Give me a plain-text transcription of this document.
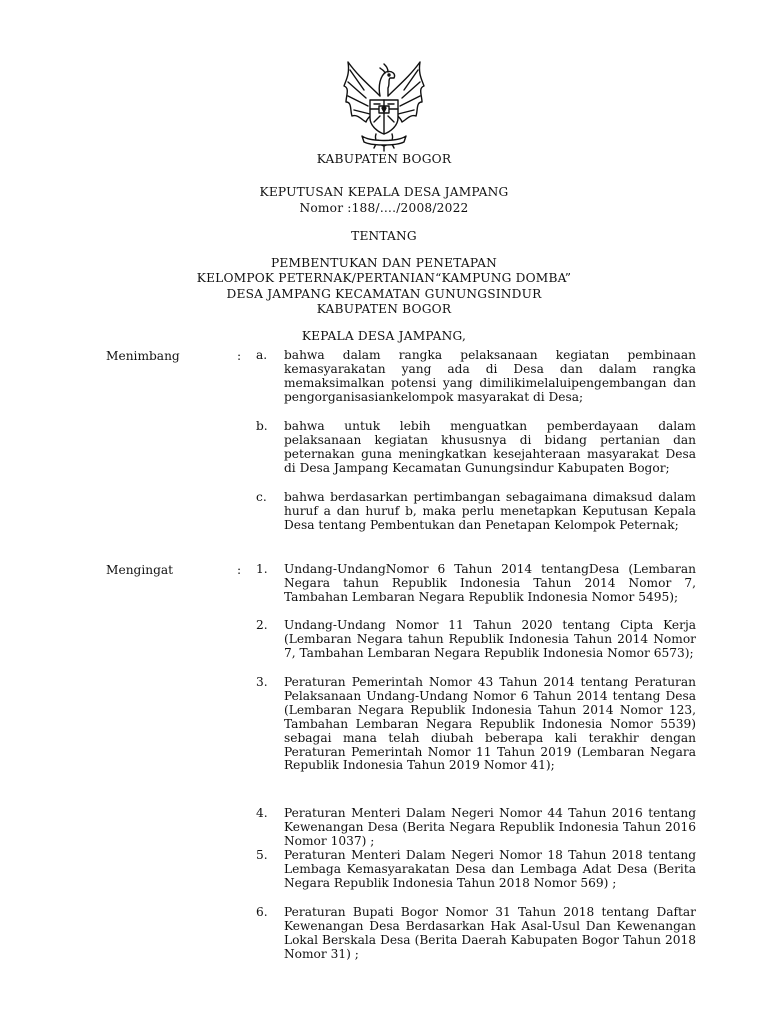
KABUPATEN BOGOR
KEPUTUSAN KEPALA DESA JAMPANG
Nomor :188/…./2008/2022
TENTANG
PEMBENTUKAN DAN PENETAPAN
KELOMPOK PETERNAK/PERTANIAN“KAMPUNG DOMBA”
DESA JAMPANG KECAMATAN GUNUNGSINDUR
KABUPATEN BOGOR
KEPALA DESA JAMPANG,
Menimbang	: a. bahwa dalam rangka pelaksanaan kegiatan pembinaan kemasyarakatan yang ada di Desa dan dalam rangka memaksimalkan potensi yang dimilikimelaluipengembangan dan pengorganisasiankelompok masyarakat di Desa;
b. bahwa untuk lebih menguatkan pemberdayaan dalam pelaksanaan kegiatan khususnya di bidang pertanian dan peternakan guna meningkatkan kesejahteraan masyarakat Desa di Desa Jampang Kecamatan Gunungsindur Kabupaten Bogor;
c. bahwa berdasarkan pertimbangan sebagaimana dimaksud dalam huruf a dan huruf b, maka perlu menetapkan Keputusan Kepala Desa tentang Pembentukan dan Penetapan Kelompok Peternak;
Mengingat	: 1. Undang-UndangNomor 6 Tahun 2014 tentangDesa (Lembaran Negara tahun Republik Indonesia Tahun 2014 Nomor 7, Tambahan Lembaran Negara Republik Indonesia Nomor 5495);
2. Undang-Undang Nomor 11 Tahun 2020 tentang Cipta Kerja (Lembaran Negara tahun Republik Indonesia Tahun 2014 Nomor 7, Tambahan Lembaran Negara Republik Indonesia Nomor 6573);
3. Peraturan Pemerintah Nomor 43 Tahun 2014 tentang Peraturan Pelaksanaan Undang-Undang Nomor 6 Tahun 2014 tentang Desa (Lembaran Negara Republik Indonesia Tahun 2014 Nomor 123, Tambahan Lembaran Negara Republik Indonesia Nomor 5539) sebagai mana telah diubah beberapa kali terakhir dengan Peraturan Pemerintah Nomor 11 Tahun 2019 (Lembaran Negara Republik Indonesia Tahun 2019 Nomor 41);
4. Peraturan Menteri Dalam Negeri Nomor 44 Tahun 2016 tentang Kewenangan Desa (Berita Negara Republik Indonesia Tahun 2016 Nomor 1037) ;
5. Peraturan Menteri Dalam Negeri Nomor 18 Tahun 2018 tentang Lembaga Kemasyarakatan Desa dan Lembaga Adat Desa (Berita Negara Republik Indonesia Tahun 2018 Nomor 569) ;
6. Peraturan Bupati Bogor Nomor 31 Tahun 2018 tentang Daftar Kewenangan Desa Berdasarkan Hak Asal-Usul Dan Kewenangan Lokal Berskala Desa (Berita Daerah Kabupaten Bogor Tahun 2018 Nomor 31) ;
